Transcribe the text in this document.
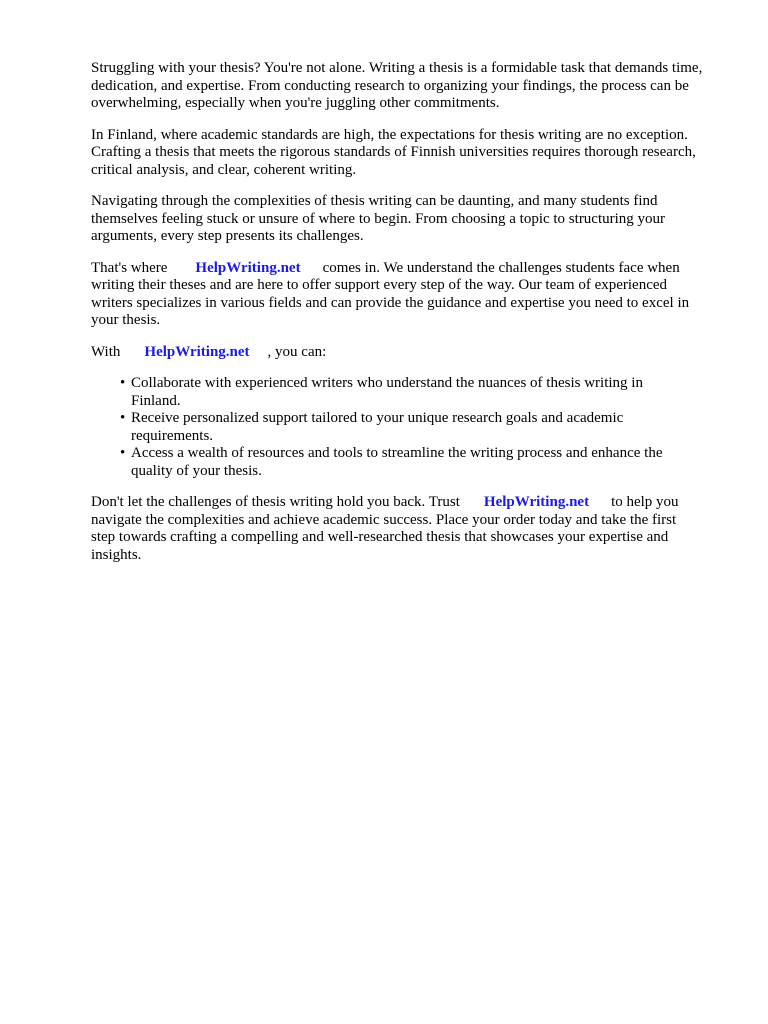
Struggling with your thesis? You're not alone. Writing a thesis is a formidable task that demands time,
dedication, and expertise. From conducting research to organizing your findings, the process can be
overwhelming, especially when you're juggling other commitments.

In Finland, where academic standards are high, the expectations for thesis writing are no exception.
Crafting a thesis that meets the rigorous standards of Finnish universities requires thorough research,
critical analysis, and clear, coherent writing.

Navigating through the complexities of thesis writing can be daunting, and many students find
themselves feeling stuck or unsure of where to begin. From choosing a topic to structuring your
arguments, every step presents its challenges.

That's where HelpWriting.net comes in. We understand the challenges students face when
writing their theses and are here to offer support every step of the way. Our team of experienced
writers specializes in various fields and can provide the guidance and expertise you need to excel in
your thesis.

With HelpWriting.net , you can:

• Collaborate with experienced writers who understand the nuances of thesis writing in
Finland.
• Receive personalized support tailored to your unique research goals and academic
requirements.
• Access a wealth of resources and tools to streamline the writing process and enhance the
quality of your thesis.

Don't let the challenges of thesis writing hold you back. Trust HelpWriting.net to help you
navigate the complexities and achieve academic success. Place your order today and take the first
step towards crafting a compelling and well-researched thesis that showcases your expertise and
insights.
